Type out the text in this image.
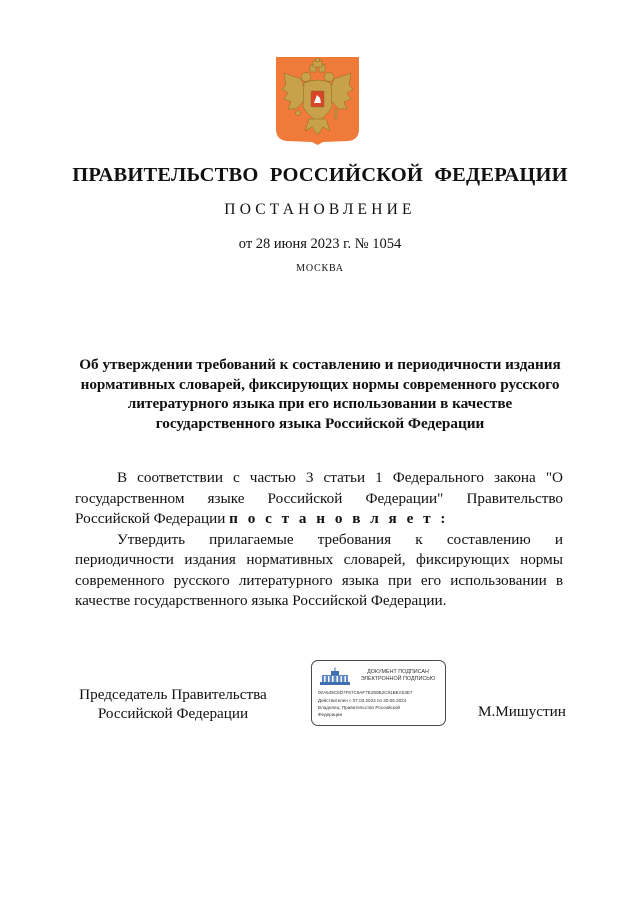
ПРАВИТЕЛЬСТВО РОССИЙСКОЙ ФЕДЕРАЦИИ
ПОСТАНОВЛЕНИЕ
от 28 июня 2023 г. № 1054
МОСКВА
Об утверждении требований к составлению и периодичности издания
нормативных словарей, фиксирующих нормы современного русского
литературного языка при его использовании в качестве
государственного языка Российской Федерации

В соответствии с частью 3 статьи 1 Федерального закона "О государственном языке Российской Федерации" Правительство Российской Федерации п о с т а н о в л я е т :

Утвердить прилагаемые требования к составлению и периодичности издания нормативных словарей, фиксирующих нормы современного русского литературного языка при его использовании в качестве государственного языка Российской Федерации.

Председатель Правительства
Российской Федерации
ДОКУМЕНТ ПОДПИСАН
ЭЛЕКТРОННОЙ ПОДПИСЬЮ
00A549C6D7F67C9AF7E290B2C91BEA03E7
Действителен с 07.03.2023 по 30.05.2024
Владелец: Правительство Российской
Федерации	М.Мишустин
